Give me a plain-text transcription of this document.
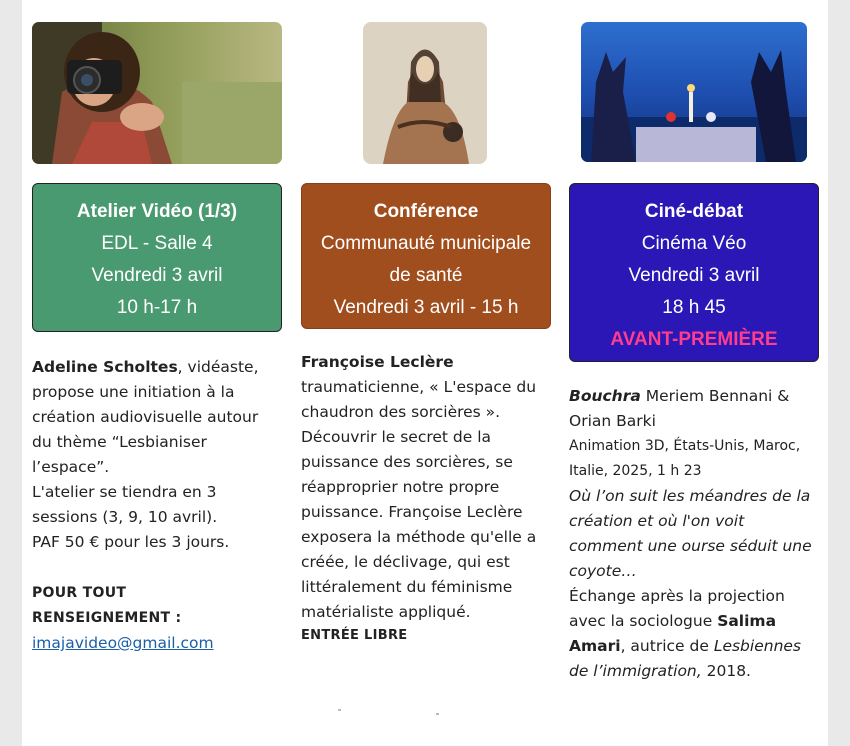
Atelier Vidéo (1/3)
EDL - Salle 4
Vendredi 3 avril
10 h-17 h
Adeline Scholtes, vidéaste, propose une initiation à la création audiovisuelle autour du thème “Lesbianiser l’espace”.
L'atelier se tiendra en 3 sessions (3, 9, 10 avril).
PAF 50 € pour les 3 jours.
POUR TOUT RENSEIGNEMENT :
imajavideo@gmail.com
Conférence
Communauté municipale
de santé
Vendredi 3 avril - 15 h
Françoise Leclère
traumaticienne, « L'espace du chaudron des sorcières ». Découvrir le secret de la puissance des sorcières, se réapproprier notre propre puissance. Françoise Leclère exposera la méthode qu'elle a créée, le déclivage, qui est littéralement du féminisme matérialiste appliqué.
ENTRÉE LIBRE
Ciné-débat
Cinéma Véo
Vendredi 3 avril
18 h 45
AVANT-PREMIÈRE
Bouchra Meriem Bennani & Orian Barki
Animation 3D, États-Unis, Maroc, Italie, 2025, 1 h 23
Où l’on suit les méandres de la création et où l'on voit comment une ourse séduit une coyote…
Échange après la projection avec la sociologue Salima Amari, autrice de Lesbiennes de l’immigration, 2018.
